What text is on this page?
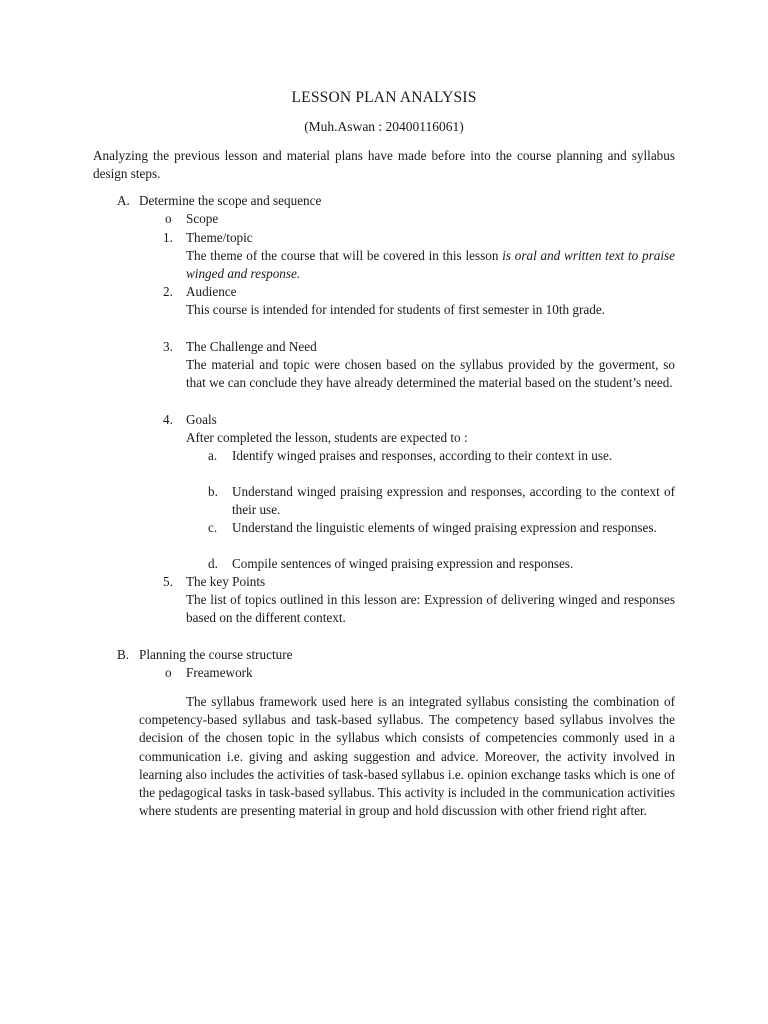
LESSON PLAN ANALYSIS
(Muh.Aswan : 20400116061)
Analyzing the previous lesson and material plans have made before into the course planning and syllabus design steps.
A. Determine the scope and sequence
o Scope
1. Theme/topic
The theme of the course that will be covered in this lesson is oral and written text to praise winged and response.
2. Audience
This course is intended for intended for students of first semester in 10th grade.
3. The Challenge and Need
The material and topic were chosen based on the syllabus provided by the goverment, so that we can conclude they have already determined the material based on the student’s need.
4. Goals
After completed the lesson, students are expected to :
a. Identify winged praises and responses, according to their context in use.
b. Understand winged praising expression and responses, according to the context of their use.
c. Understand the linguistic elements of winged praising expression and responses.
d. Compile sentences of winged praising expression and responses.
5. The key Points
The list of topics outlined in this lesson are: Expression of delivering winged and responses based on the different context.
B. Planning the course structure
o Freamework
The syllabus framework used here is an integrated syllabus consisting the combination of competency-based syllabus and task-based syllabus. The competency based syllabus involves the decision of the chosen topic in the syllabus which consists of competencies commonly used in a communication i.e. giving and asking suggestion and advice. Moreover, the activity involved in learning also includes the activities of task-based syllabus i.e. opinion exchange tasks which is one of the pedagogical tasks in task-based syllabus. This activity is included in the communication activities where students are presenting material in group and hold discussion with other friend right after.
